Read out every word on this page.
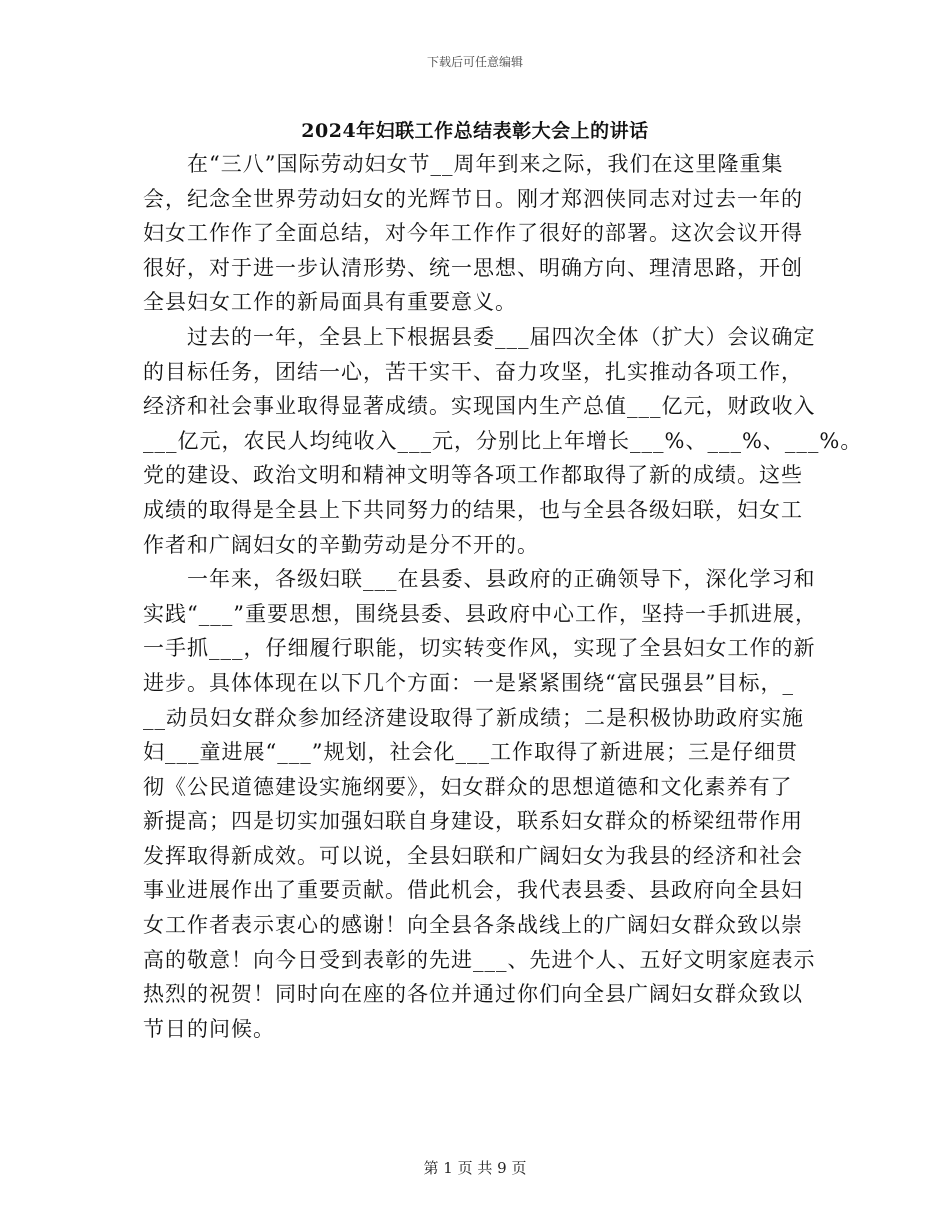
下载后可任意编辑
2024年妇联工作总结表彰大会上的讲话
在“三八”国际劳动妇女节__周年到来之际，我们在这里隆重集
会，纪念全世界劳动妇女的光辉节日。刚才郑泗侠同志对过去一年的
妇女工作作了全面总结，对今年工作作了很好的部署。这次会议开得
很好，对于进一步认清形势、统一思想、明确方向、理清思路，开创
全县妇女工作的新局面具有重要意义。
过去的一年，全县上下根据县委___届四次全体（扩大）会议确定
的目标任务，团结一心，苦干实干、奋力攻坚，扎实推动各项工作，
经济和社会事业取得显著成绩。实现国内生产总值___亿元，财政收入
___亿元，农民人均纯收入___元，分别比上年增长___%、___%、___%。
党的建设、政治文明和精神文明等各项工作都取得了新的成绩。这些
成绩的取得是全县上下共同努力的结果，也与全县各级妇联，妇女工
作者和广阔妇女的辛勤劳动是分不开的。
一年来，各级妇联___在县委、县政府的正确领导下，深化学习和
实践“___”重要思想，围绕县委、县政府中心工作，坚持一手抓进展，
一手抓___，仔细履行职能，切实转变作风，实现了全县妇女工作的新
进步。具体体现在以下几个方面：一是紧紧围绕“富民强县”目标，_
__动员妇女群众参加经济建设取得了新成绩；二是积极协助政府实施
妇___童进展“___”规划，社会化___工作取得了新进展；三是仔细贯
彻《公民道德建设实施纲要》，妇女群众的思想道德和文化素养有了
新提高；四是切实加强妇联自身建设，联系妇女群众的桥梁纽带作用
发挥取得新成效。可以说，全县妇联和广阔妇女为我县的经济和社会
事业进展作出了重要贡献。借此机会，我代表县委、县政府向全县妇
女工作者表示衷心的感谢！向全县各条战线上的广阔妇女群众致以崇
高的敬意！向今日受到表彰的先进___、先进个人、五好文明家庭表示
热烈的祝贺！同时向在座的各位并通过你们向全县广阔妇女群众致以
节日的问候。
第 1 页 共 9 页
